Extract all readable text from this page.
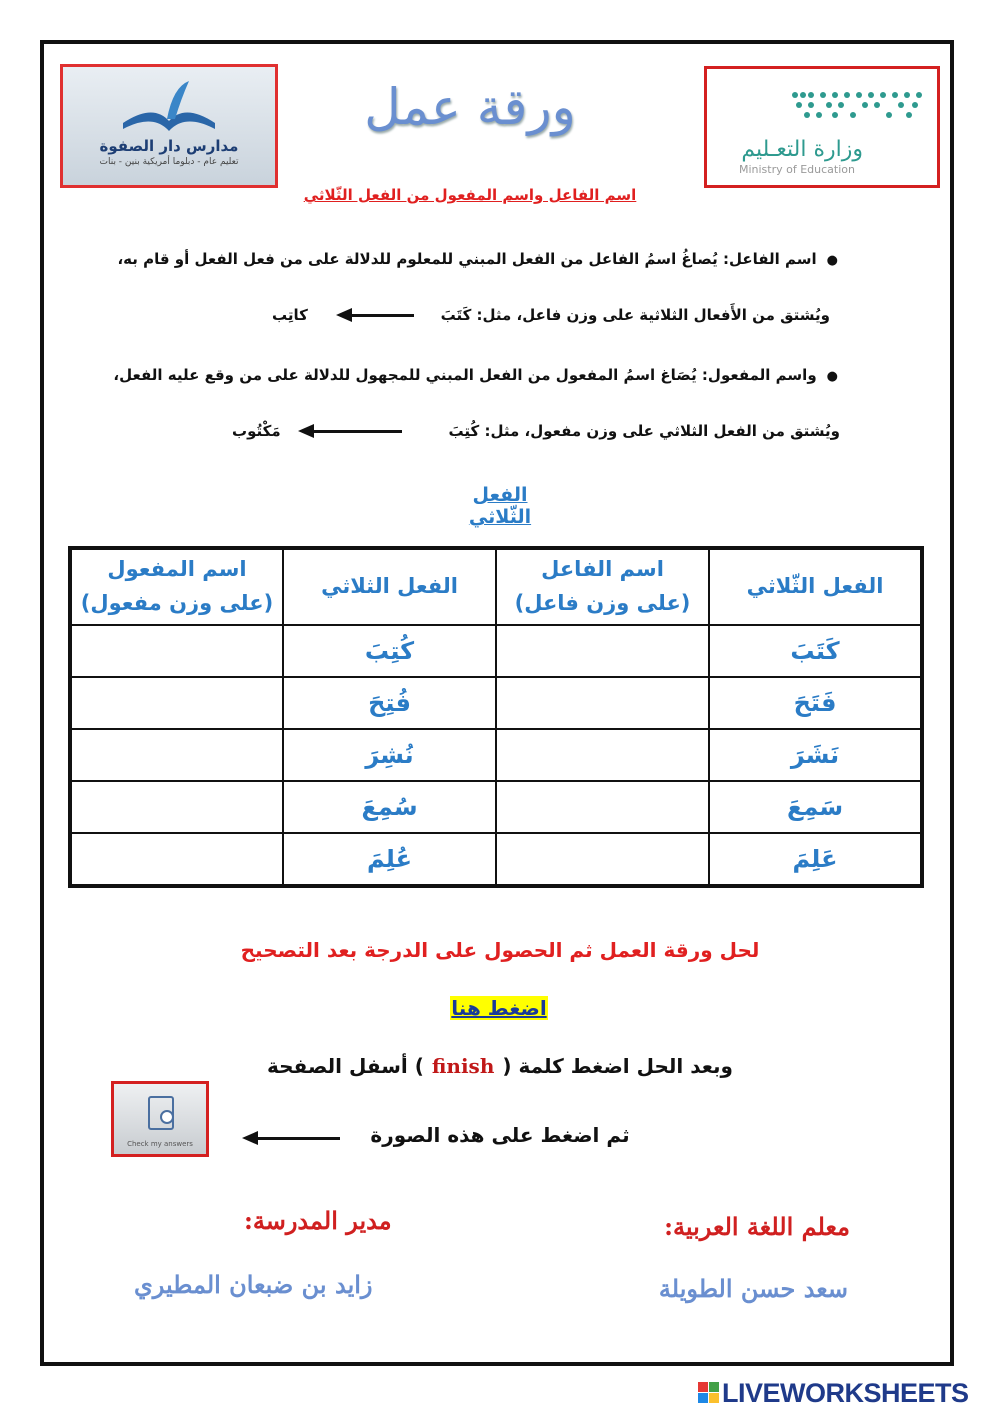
مدارس دار الصفوة
تعليم عام - دبلوما أمريكية بنين - بنات	وزارة التعـليم
Ministry of Education
ورقة عمل
اسم الفاعل واسم المفعول من الفعل الثّلاثي
●اسم الفاعل: يُصاغُ اسمُ الفاعل من الفعل المبني للمعلوم للدلالة على من فعل الفعل أو قام به،
ويُشتق من الأَفعال الثلاثية على وزن فاعل، مثل: كَتَبَ
كاتِب
●واسم المفعول: يُصَاغ اسمُ المفعول من الفعل المبني للمجهول للدلالة على من وقع عليه الفعل،
ويُشتق من الفعل الثلاثي على وزن مفعول، مثل: كُتِبَ
مَكْتُوب
الفعل الثّلاثي
الفعل الثّلاثي	اسم الفاعل
(على وزن فاعل)	الفعل الثلاثي	اسم المفعول
(على وزن مفعول)
كَتَبَ		كُتِبَ	
فَتَحَ		فُتِحَ	
نَشَرَ		نُشِرَ	
سَمِعَ		سُمِعَ	
عَلِمَ		عُلِمَ	
لحل ورقة العمل ثم الحصول على الدرجة بعد التصحيح
اضغط هنا
وبعد الحل اضغط كلمة (finish) أسفل الصفحة
Check my answers	ثم اضغط على هذه الصورة
معلم اللغة العربية:
سعد حسن الطويلة
مدير المدرسة:
زايد بن ضبعان المطيري
LIVEWORKSHEETS
